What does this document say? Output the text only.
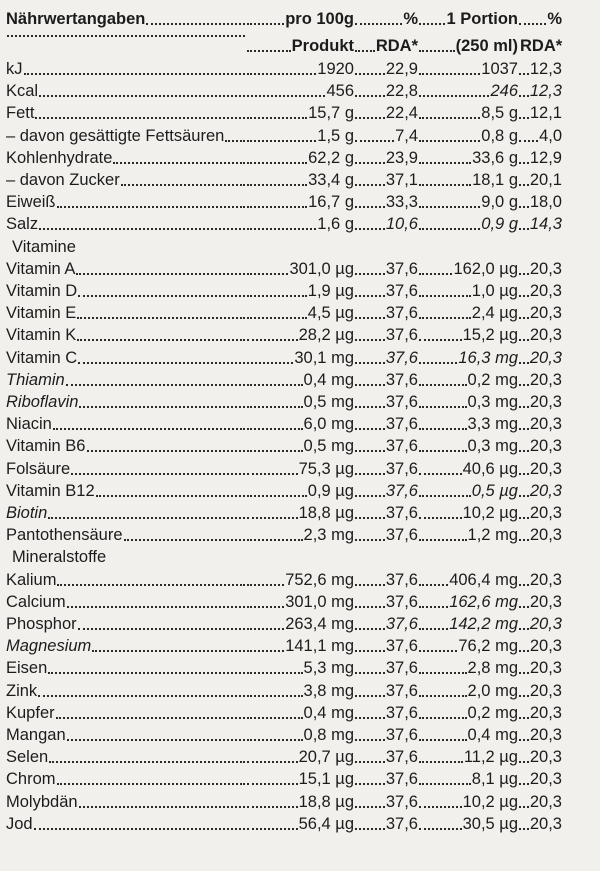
Nährwertangaben	pro 100g	% 1 Portion %
Produkt RDA* (250 ml) RDA*
kJ	1920 22,9	1037 12,3
Kcal	456 22,8	246 12,3
Fett	15,7 g 22,4	8,5 g 12,1
– davon gesättigte Fettsäuren	1,5 g 7,4	0,8 g 4,0
Kohlenhydrate	62,2 g 23,9	33,6 g 12,9
– davon Zucker	33,4 g 37,1	18,1 g 20,1
Eiweiß	16,7 g 33,3	9,0 g 18,0
Salz	1,6 g 10,6	0,9 g 14,3
Vitamine
Vitamin A	301,0 µg 37,6 162,0 µg 20,3
Vitamin D	1,9 µg 37,6	1,0 µg 20,3
Vitamin E	4,5 µg 37,6	2,4 µg 20,3
Vitamin K	28,2 µg 37,6	15,2 µg 20,3
Vitamin C	30,1 mg 37,6 16,3 mg 20,3
Thiamin	0,4 mg 37,6	0,2 mg 20,3
Riboflavin	0,5 mg 37,6	0,3 mg 20,3
Niacin	6,0 mg 37,6	3,3 mg 20,3
Vitamin B6	0,5 mg 37,6	0,3 mg 20,3
Folsäure	75,3 µg 37,6	40,6 µg 20,3
Vitamin B12	0,9 µg 37,6	0,5 µg 20,3
Biotin	18,8 µg 37,6	10,2 µg 20,3
Pantothensäure	2,3 mg 37,6	1,2 mg 20,3
Mineralstoffe
Kalium	752,6 mg 37,6 406,4 mg 20,3
Calcium	301,0 mg 37,6 162,6 mg 20,3
Phosphor	263,4 mg 37,6 142,2 mg 20,3
Magnesium	141,1 mg 37,6 76,2 mg 20,3
Eisen	5,3 mg 37,6	2,8 mg 20,3
Zink	3,8 mg 37,6	2,0 mg 20,3
Kupfer	0,4 mg 37,6	0,2 mg 20,3
Mangan	0,8 mg 37,6	0,4 mg 20,3
Selen	20,7 µg 37,6	11,2 µg 20,3
Chrom	15,1 µg 37,6	8,1 µg 20,3
Molybdän	18,8 µg 37,6	10,2 µg 20,3
Jod	56,4 µg 37,6	30,5 µg 20,3
